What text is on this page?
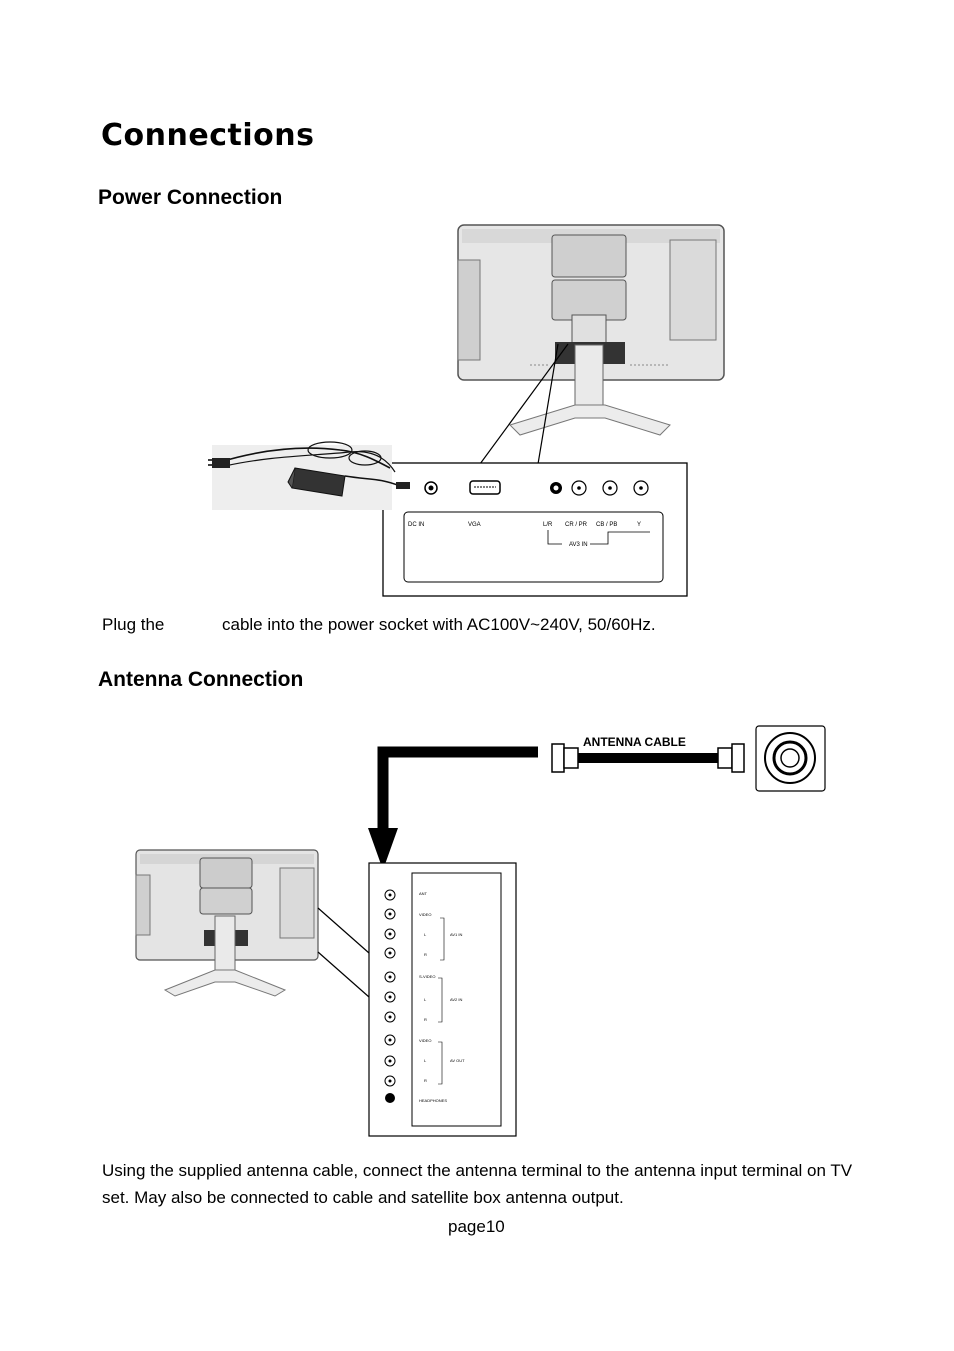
Connections
Power Connection
DC IN	VGA	L/R CR / PR CB / PB	Y
AV3 IN
Plug the	cable into the power socket with AC100V~240V, 50/60Hz.
Antenna Connection
ANTENNA CABLE
ANT
VIDEO
L
R
AV1 IN
S-VIDEO
L
R
AV2 IN
VIDEO
L
R
AV OUT
HEADPHONES
Using the supplied antenna cable, connect the antenna terminal to the antenna input terminal on TV set. May also be connected to cable and satellite box antenna output.
page10
